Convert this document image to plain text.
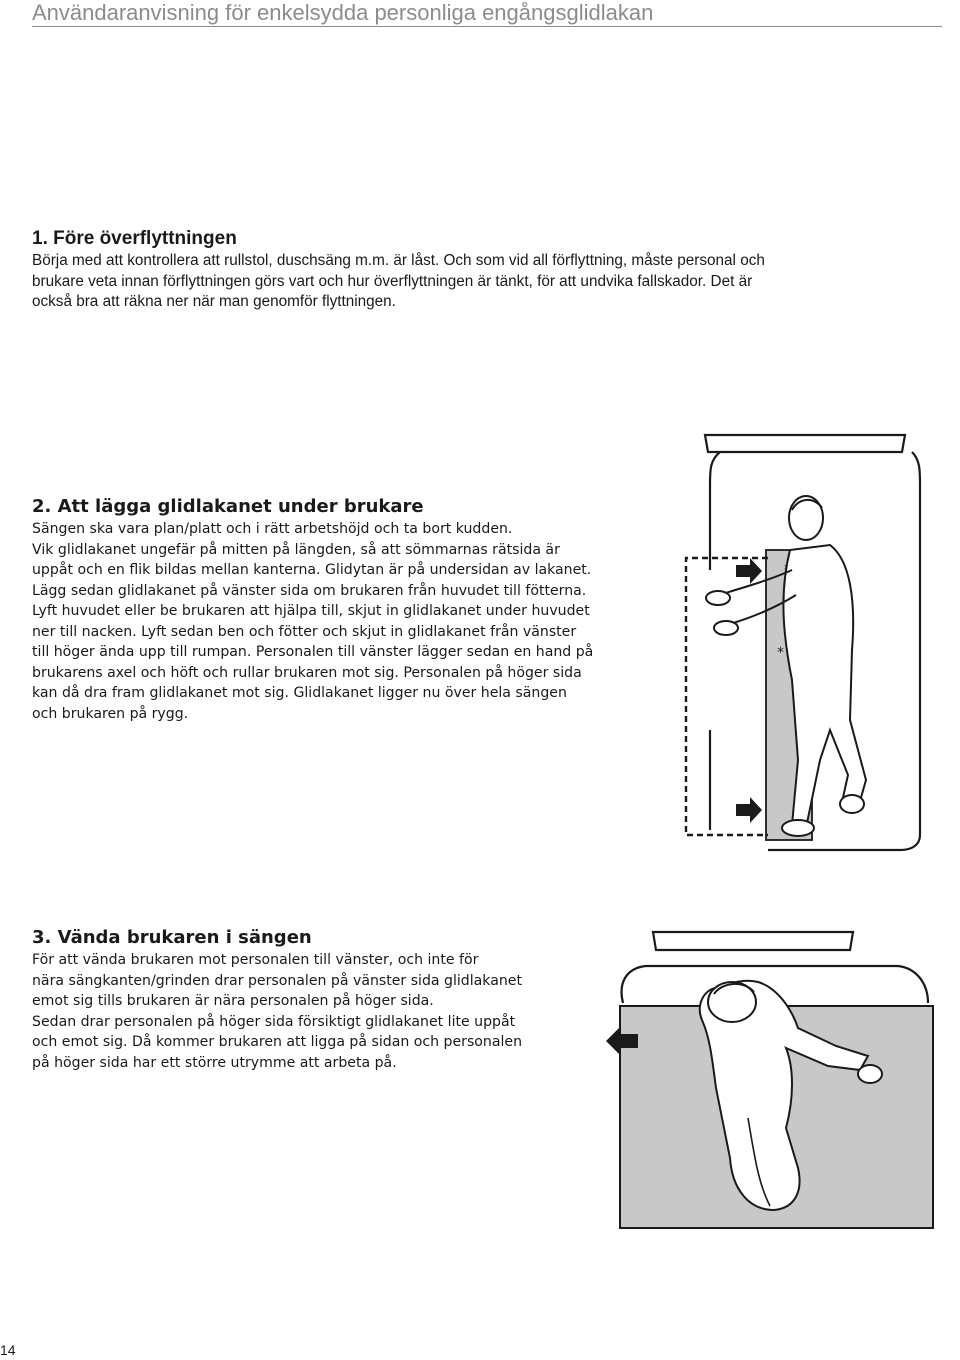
Användaranvisning för enkelsydda personliga engångsglidlakan
1. Före överflyttningen

Börja med att kontrollera att rullstol, duschsäng m.m. är låst. Och som vid all förflyttning, måste personal och

brukare veta innan förflyttningen görs vart och hur överflyttningen är tänkt, för att undvika fallskador. Det är

också bra att räkna ner när man genomför flyttningen.

2. Att lägga glidlakanet under brukare

Sängen ska vara plan/platt och i rätt arbetshöjd och ta bort kudden.

Vik glidlakanet ungefär på mitten på längden, så att sömmarnas rätsida är

uppåt och en flik bildas mellan kanterna. Glidytan är på undersidan av lakanet.

Lägg sedan glidlakanet på vänster sida om brukaren från huvudet till fötterna.

Lyft huvudet eller be brukaren att hjälpa till, skjut in glidlakanet under huvudet

ner till nacken. Lyft sedan ben och fötter och skjut in glidlakanet från vänster

till höger ända upp till rumpan. Personalen till vänster lägger sedan en hand på

brukarens axel och höft och rullar brukaren mot sig. Personalen på höger sida

kan då dra fram glidlakanet mot sig. Glidlakanet ligger nu över hela sängen

och brukaren på rygg.

*
3. Vända brukaren i sängen

För att vända brukaren mot personalen till vänster, och inte för

nära sängkanten/grinden drar personalen på vänster sida glidlakanet

emot sig tills brukaren är nära personalen på höger sida.

Sedan drar personalen på höger sida försiktigt glidlakanet lite uppåt

och emot sig. Då kommer brukaren att ligga på sidan och personalen

på höger sida har ett större utrymme att arbeta på.

14
